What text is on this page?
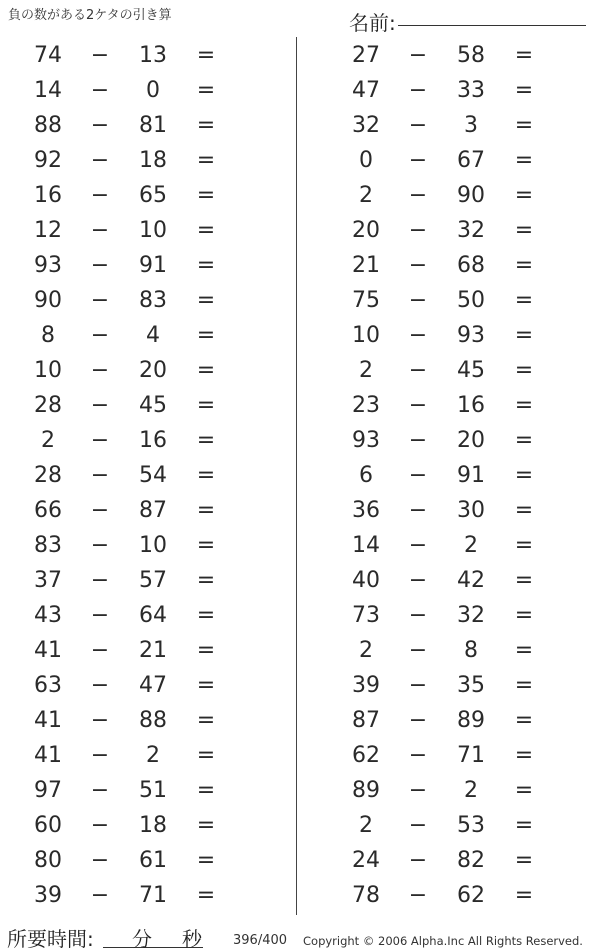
負の数がある2ケタの引き算	名前:
74	−	13	=
14	−	0	=
88	−	81	=
92	−	18	=
16	−	65	=
12	−	10	=
93	−	91	=
90	−	83	=
8	−	4	=
10	−	20	=
28	−	45	=
2	−	16	=
28	−	54	=
66	−	87	=
83	−	10	=
37	−	57	=
43	−	64	=
41	−	21	=
63	−	47	=
41	−	88	=
41	−	2	=
97	−	51	=
60	−	18	=
80	−	61	=
39	−	71	=
27	−	58	=
47	−	33	=
32	−	3	=
0	−	67	=
2	−	90	=
20	−	32	=
21	−	68	=
75	−	50	=
10	−	93	=
2	−	45	=
23	−	16	=
93	−	20	=
6	−	91	=
36	−	30	=
14	−	2	=
40	−	42	=
73	−	32	=
2	−	8	=
39	−	35	=
87	−	89	=
62	−	71	=
89	−	2	=
2	−	53	=
24	−	82	=
78	−	62	=
所要時間: 分 秒 396/400 Copyright © 2006 Alpha.Inc All Rights Reserved.
